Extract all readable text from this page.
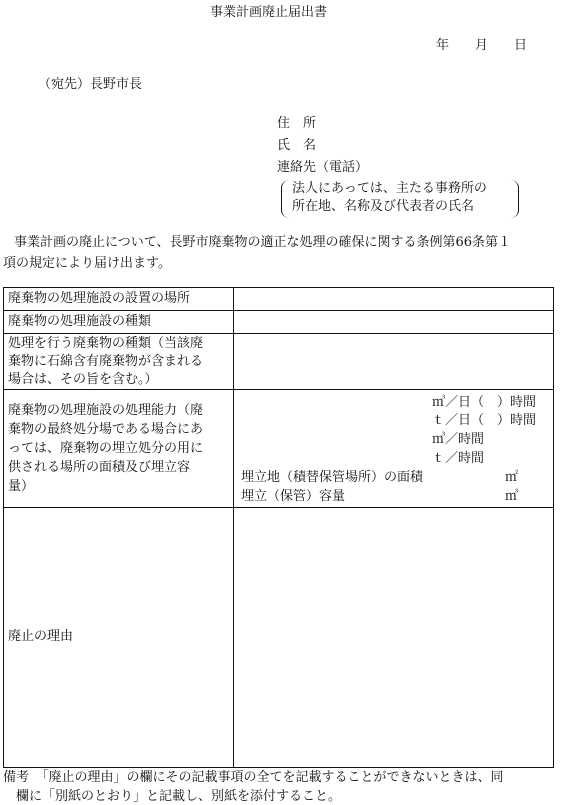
事業計画廃止届出書
年　　月　　日
（宛先）長野市長
住　所
氏　名
連絡先（電話）
法人にあっては、主たる事務所の
所在地、名称及び代表者の氏名
事業計画の廃止について、長野市廃棄物の適正な処理の確保に関する条例第66条第１
項の規定により届け出ます。
廃棄物の処理施設の設置の場所
廃棄物の処理施設の種類
処理を行う廃棄物の種類（当該廃
棄物に石綿含有廃棄物が含まれる
場合は、その旨を含む。）
廃棄物の処理施設の処理能力（廃
棄物の最終処分場である場合にあ
っては、廃棄物の埋立処分の用に
供される場所の面積及び埋立容
量）
㎥／日（　）時間
ｔ／日（　）時間
㎥／時間
ｔ／時間
埋立地（積替保管場所）の面積	㎡
埋立（保管）容量	㎥
廃止の理由
備考　「廃止の理由」の欄にその記載事項の全てを記載することができないときは、同
欄に「別紙のとおり」と記載し、別紙を添付すること。
